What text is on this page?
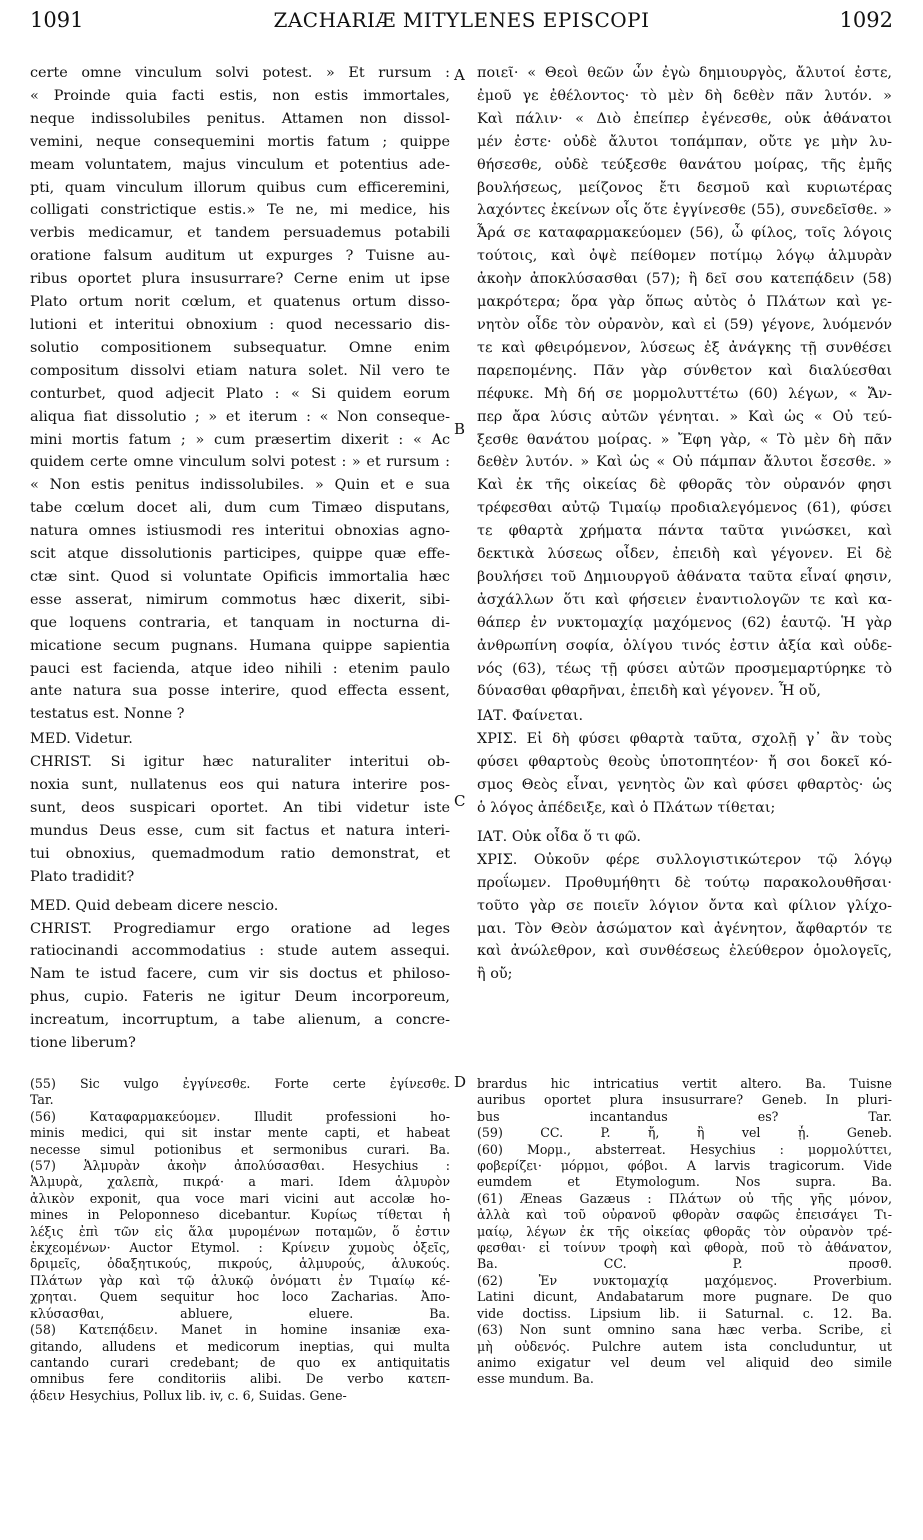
1091	ZACHARIÆ MITYLENES EPISCOPI	1092
A
B
C
D
certe omne vinculum solvi potest. » Et rursum :
« Proinde quia facti estis, non estis immortales,
neque indissolubiles penitus. Attamen non dissol-
vemini, neque consequemini mortis fatum ; quippe
meam voluntatem, majus vinculum et potentius ade-
pti, quam vinculum illorum quibus cum efficeremini,
colligati constrictique estis.» Te ne, mi medice, his
verbis medicamur, et tandem persuademus potabili
oratione falsum auditum ut expurges ? Tuisne au-
ribus oportet plura insusurrare? Cerne enim ut ipse
Plato ortum norit cœlum, et quatenus ortum disso-
lutioni et interitui obnoxium : quod necessario dis-
solutio compositionem subsequatur. Omne enim
compositum dissolvi etiam natura solet. Nil vero te
conturbet, quod adjecit Plato : « Si quidem eorum
aliqua fiat dissolutio ; » et iterum : « Non conseque-
mini mortis fatum ; » cum præsertim dixerit : « Ac
quidem certe omne vinculum solvi potest : » et rursum :
« Non estis penitus indissolubiles. » Quin et e sua
tabe cœlum docet ali, dum cum Timæo disputans,
natura omnes istiusmodi res interitui obnoxias agno-
scit atque dissolutionis participes, quippe quæ effe-
ctæ sint. Quod si voluntate Opificis immortalia hæc
esse asserat, nimirum commotus hæc dixerit, sibi-
que loquens contraria, et tanquam in nocturna di-
micatione secum pugnans. Humana quippe sapientia
pauci est facienda, atque ideo nihili : etenim paulo
ante natura sua posse interire, quod effecta essent,
testatus est. Nonne ?
MED. Videtur.
CHRIST. Si igitur hæc naturaliter interitui ob-
noxia sunt, nullatenus eos qui natura interire pos-
sunt, deos suspicari oportet. An tibi videtur iste
mundus Deus esse, cum sit factus et natura interi-
tui obnoxius, quemadmodum ratio demonstrat, et
Plato tradidit?
MED. Quid debeam dicere nescio.
CHRIST. Progrediamur ergo oratione ad leges
ratiocinandi accommodatius : stude autem assequi.
Nam te istud facere, cum vir sis doctus et philoso-
phus, cupio. Fateris ne igitur Deum incorporeum,
increatum, incorruptum, a tabe alienum, a concre-
tione liberum?
ποιεῖ· « Θεοὶ θεῶν ὧν ἐγὼ δημιουργὸς, ἄλυτοί ἐστε,
ἐμοῦ γε ἐθέλοντος· τὸ μὲν δὴ δεθὲν πᾶν λυτόν. »
Καὶ πάλιν· « Διὸ ἐπείπερ ἐγένεσθε, οὐκ ἀθάνατοι
μέν ἐστε· οὐδὲ ἄλυτοι τοπάμπαν, οὔτε γε μὴν λυ-
θήσεσθε, οὐδὲ τεύξεσθε θανάτου μοίρας, τῆς ἐμῆς
βουλήσεως, μείζονος ἔτι δεσμοῦ καὶ κυριωτέρας
λαχόντες ἐκείνων οἷς ὅτε ἐγγίνεσθε (55), συνεδεῖσθε. »
Ἆρά σε καταφαρμακεύομεν (56), ὦ φίλος, τοῖς λόγοις
τούτοις, καὶ ὀψὲ πείθομεν ποτίμῳ λόγῳ ἁλμυρὰν
ἀκοὴν ἀποκλύσασθαι (57); ἢ δεῖ σου κατεπᾴδειν (58)
μακρότερα; ὅρα γὰρ ὅπως αὐτὸς ὁ Πλάτων καὶ γε-
νητὸν οἶδε τὸν οὐρανὸν, καὶ εἰ (59) γέγονε, λυόμενόν
τε καὶ φθειρόμενον, λύσεως ἐξ ἀνάγκης τῇ συνθέσει
παρεπομένης. Πᾶν γὰρ σύνθετον καὶ διαλύεσθαι
πέφυκε. Μὴ δή σε μορμολυττέτω (60) λέγων, « Ἄν-
περ ἄρα λύσις αὐτῶν γένηται. » Καὶ ὡς « Οὐ τεύ-
ξεσθε θανάτου μοίρας. » Ἔφη γὰρ, « Τὸ μὲν δὴ πᾶν
δεθὲν λυτόν. » Καὶ ὡς « Οὐ πάμπαν ἄλυτοι ἔσεσθε. »
Καὶ ἐκ τῆς οἰκείας δὲ φθορᾶς τὸν οὐρανόν φησι
τρέφεσθαι αὐτῷ Τιμαίῳ προδιαλεγόμενος (61), φύσει
τε φθαρτὰ χρήματα πάντα ταῦτα γινώσκει, καὶ
δεκτικὰ λύσεως οἶδεν, ἐπειδὴ καὶ γέγονεν. Εἰ δὲ
βουλήσει τοῦ Δημιουργοῦ ἀθάνατα ταῦτα εἶναί φησιν,
ἀσχάλλων ὅτι καὶ φήσειεν ἐναντιολογῶν τε καὶ κα-
θάπερ ἐν νυκτομαχίᾳ μαχόμενος (62) ἑαυτῷ. Ἡ γὰρ
ἀνθρωπίνη σοφία, ὀλίγου τινός ἐστιν ἀξία καὶ οὐδε-
νός (63), τέως τῇ φύσει αὐτῶν προσμεμαρτύρηκε τὸ
δύνασθαι φθαρῆναι, ἐπειδὴ καὶ γέγονεν. Ἦ οὔ,
ΙΑΤ. Φαίνεται.
ΧΡΙΣ. Εἰ δὴ φύσει φθαρτὰ ταῦτα, σχολῇ γ᾽ ἂν τοὺς
φύσει φθαρτοὺς θεοὺς ὑποτοπητέον· ἤ σοι δοκεῖ κό-
σμος Θεὸς εἶναι, γενητὸς ὢν καὶ φύσει φθαρτὸς· ὡς
ὁ λόγος ἀπέδειξε, καὶ ὁ Πλάτων τίθεται;
ΙΑΤ. Οὐκ οἶδα ὅ τι φῶ.
ΧΡΙΣ. Οὐκοῦν φέρε συλλογιστικώτερον τῷ λόγῳ
προΐωμεν. Προθυμήθητι δὲ τούτῳ παρακολουθῆσαι·
τοῦτο γὰρ σε ποιεῖν λόγιον ὄντα καὶ φίλιον γλίχο-
μαι. Τὸν Θεὸν ἀσώματον καὶ ἀγένητον, ἄφθαρτόν τε
καὶ ἀνώλεθρον, καὶ συνθέσεως ἐλεύθερον ὁμολογεῖς,
ἢ οὔ;
(55) Sic vulgo ἐγγίνεσθε. Forte certe ἐγίνεσθε.
Tar.
(56) Καταφαρμακεύομεν. Illudit professioni ho-
minis medici, qui sit instar mente capti, et habeat
necesse simul potionibus et sermonibus curari. Ba.
(57) Ἁλμυρὰν ἀκοὴν ἀπολύσασθαι. Hesychius :
Ἁλμυρὰ, χαλεπὰ, πικρά· a mari. Idem ἁλμυρὸν
ἀλικὸν exponit, qua voce mari vicini aut accolæ ho-
mines in Peloponneso dicebantur. Κυρίως τίθεται ἡ
λέξις ἐπὶ τῶν εἰς ἅλα μυρομένων ποταμῶν, ὅ ἐστιν
ἐκχεομένων· Auctor Etymol. : Κρίνειν χυμοὺς ὀξεῖς,
δριμεῖς, ὀδαξητικούς, πικρούς, ἁλμυρούς, ἁλυκούς.
Πλάτων γὰρ καὶ τῷ ἁλυκῷ ὀνόματι ἐν Τιμαίῳ κέ-
χρηται. Quem sequitur hoc loco Zacharias. Ἀπο-
κλύσασθαι, abluere, eluere. Ba.
(58) Κατεπᾴδειν. Manet in homine insaniæ exa-
gitando, alludens et medicorum ineptias, qui multa
cantando curari credebant; de quo ex antiquitatis
omnibus fere conditoriis alibi. De verbo κατεπ-
ᾴδειν Hesychius, Pollux lib. iv, c. 6, Suidas. Gene-
brardus hic intricatius vertit altero. Ba. Tuisne
auribus oportet plura insusurrare? Geneb. In pluri-
bus incantandus es? Tar.
(59) CC. P. ἤ, ἢ vel ᾗ. Geneb.
(60) Μορμ., absterreat. Hesychius : μορμολύττει,
φοβερίζει· μόρμοι, φόβοι. A larvis tragicorum. Vide
eumdem et Etymologum. Nos supra. Ba.
(61) Æneas Gazæus : Πλάτων οὐ τῆς γῆς μόνον,
ἀλλὰ καὶ τοῦ οὐρανοῦ φθορὰν σαφῶς ἐπεισάγει Τι-
μαίῳ, λέγων ἐκ τῆς οἰκείας φθορᾶς τὸν οὐρανὸν τρέ-
φεσθαι· εἰ τοίνυν τροφὴ καὶ φθορὰ, ποῦ τὸ ἀθάνατον,
Ba. CC. P. προσθ.
(62) Ἐν νυκτομαχίᾳ μαχόμενος. Proverbium.
Latini dicunt, Andabatarum more pugnare. De quo
vide doctiss. Lipsium lib. ii Saturnal. c. 12. Ba.
(63) Non sunt omnino sana hæc verba. Scribe, εἰ
μὴ οὐδενός. Pulchre autem ista concluduntur, ut
animo exigatur vel deum vel aliquid deo simile
esse mundum. Ba.
